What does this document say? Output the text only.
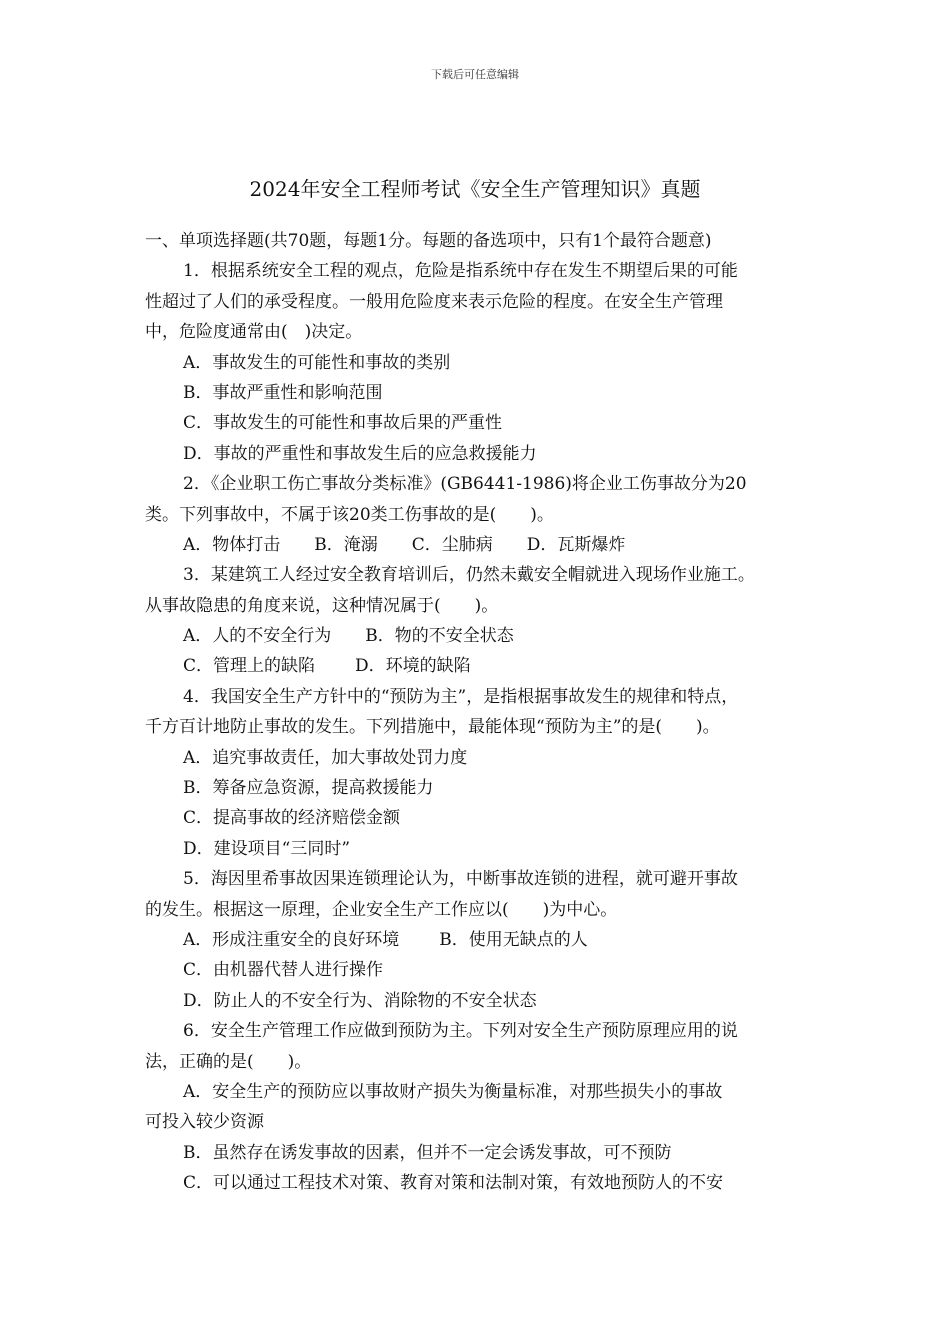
下载后可任意编辑
2024年安全工程师考试《安全生产管理知识》真题
一、单项选择题(共70题，每题1分。每题的备选项中，只有1个最符合题意)
1．根据系统安全工程的观点，危险是指系统中存在发生不期望后果的可能
性超过了人们的承受程度。一般用危险度来表示危险的程度。在安全生产管理
中，危险度通常由(　)决定。
A．事故发生的可能性和事故的类别
B．事故严重性和影响范围
C．事故发生的可能性和事故后果的严重性
D．事故的严重性和事故发生后的应急救援能力
2．《企业职工伤亡事故分类标准》(GB6441-1986)将企业工伤事故分为20
类。下列事故中，不属于该20类工伤事故的是(　　)。
A．物体打击 B．淹溺 C．尘肺病 D．瓦斯爆炸
3．某建筑工人经过安全教育培训后，仍然未戴安全帽就进入现场作业施工。
从事故隐患的角度来说，这种情况属于(　　)。
A．人的不安全行为 B．物的不安全状态
C．管理上的缺陷 D．环境的缺陷
4．我国安全生产方针中的“预防为主”，是指根据事故发生的规律和特点，
千方百计地防止事故的发生。下列措施中，最能体现“预防为主”的是(　　)。
A．追究事故责任，加大事故处罚力度
B．筹备应急资源，提高救援能力
C．提高事故的经济赔偿金额
D．建设项目“三同时”
5．海因里希事故因果连锁理论认为，中断事故连锁的进程，就可避开事故
的发生。根据这一原理，企业安全生产工作应以(　　)为中心。
A．形成注重安全的良好环境 B．使用无缺点的人
C．由机器代替人进行操作
D．防止人的不安全行为、消除物的不安全状态
6．安全生产管理工作应做到预防为主。下列对安全生产预防原理应用的说
法，正确的是(　　)。
A．安全生产的预防应以事故财产损失为衡量标准，对那些损失小的事故
可投入较少资源
B．虽然存在诱发事故的因素，但并不一定会诱发事故，可不预防
C．可以通过工程技术对策、教育对策和法制对策，有效地预防人的不安
